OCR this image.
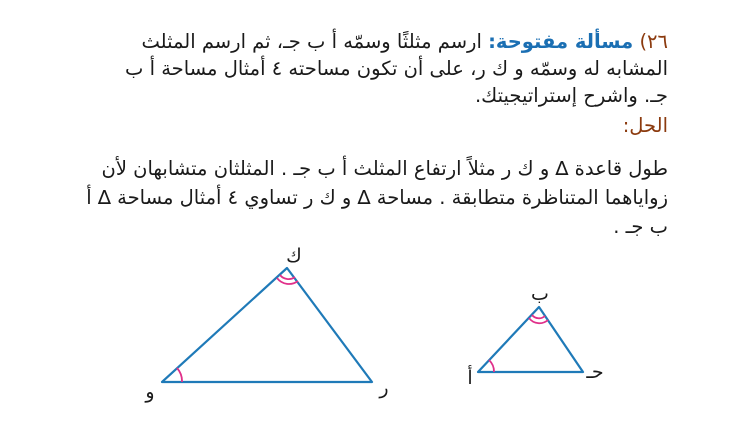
٢٦) مسألة مفتوحة: ارسم مثلثًا وسمّه أ ب جـ، ثم ارسم المثلث المشابه له وسمّه و ك ر، على أن تكون مساحته ٤ أمثال مساحة أ ب جـ. واشرح إستراتيجيتك.
الحل:
طول قاعدة ∆ و ك ر مثلاً ارتفاع المثلث أ ب جـ . المثلثان متشابهان لأن زواياهما المتناظرة متطابقة . مساحة ∆ و ك ر تساوي ٤ أمثال مساحة ∆ أ ب جـ .
ك
و	ر
ب
أ	حـ
